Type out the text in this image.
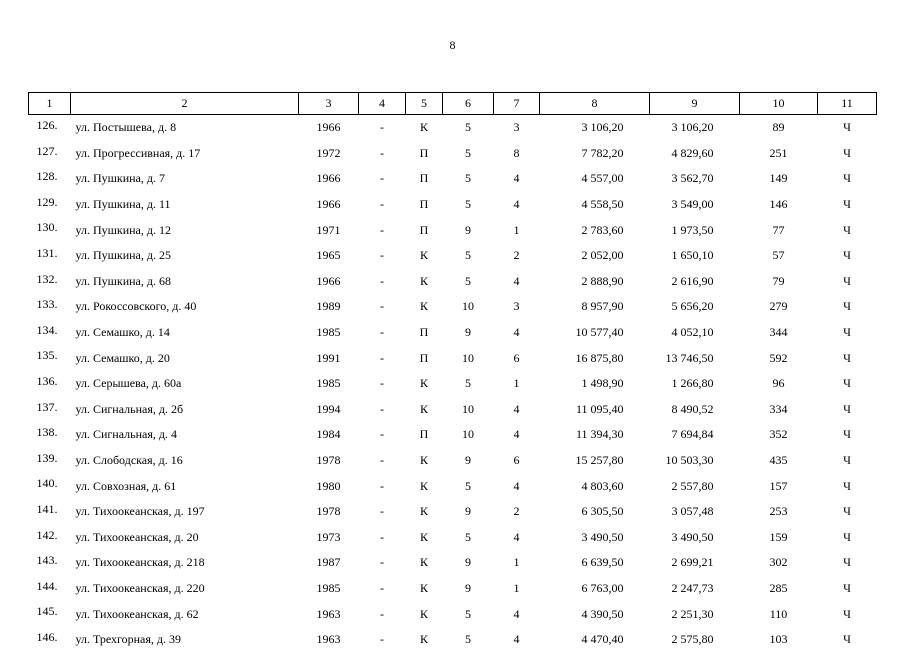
8
1	2	3	4	5	6	7	8	9	10	11
126.	ул. Постышева, д. 8	1966	-	К	5	3	3 106,20	3 106,20	89	Ч
127.	ул. Прогрессивная, д. 17	1972	-	П	5	8	7 782,20	4 829,60	251	Ч
128.	ул. Пушкина, д. 7	1966	-	П	5	4	4 557,00	3 562,70	149	Ч
129.	ул. Пушкина, д. 11	1966	-	П	5	4	4 558,50	3 549,00	146	Ч
130.	ул. Пушкина, д. 12	1971	-	П	9	1	2 783,60	1 973,50	77	Ч
131.	ул. Пушкина, д. 25	1965	-	К	5	2	2 052,00	1 650,10	57	Ч
132.	ул. Пушкина, д. 68	1966	-	К	5	4	2 888,90	2 616,90	79	Ч
133.	ул. Рокоссовского, д. 40	1989	-	К	10	3	8 957,90	5 656,20	279	Ч
134.	ул. Семашко, д. 14	1985	-	П	9	4	10 577,40	4 052,10	344	Ч
135.	ул. Семашко, д. 20	1991	-	П	10	6	16 875,80	13 746,50	592	Ч
136.	ул. Серышева, д. 60а	1985	-	К	5	1	1 498,90	1 266,80	96	Ч
137.	ул. Сигнальная, д. 2б	1994	-	К	10	4	11 095,40	8 490,52	334	Ч
138.	ул. Сигнальная, д. 4	1984	-	П	10	4	11 394,30	7 694,84	352	Ч
139.	ул. Слободская, д. 16	1978	-	К	9	6	15 257,80	10 503,30	435	Ч
140.	ул. Совхозная, д. 61	1980	-	К	5	4	4 803,60	2 557,80	157	Ч
141.	ул. Тихоокеанская, д. 197	1978	-	К	9	2	6 305,50	3 057,48	253	Ч
142.	ул. Тихоокеанская, д. 20	1973	-	К	5	4	3 490,50	3 490,50	159	Ч
143.	ул. Тихоокеанская, д. 218	1987	-	К	9	1	6 639,50	2 699,21	302	Ч
144.	ул. Тихоокеанская, д. 220	1985	-	К	9	1	6 763,00	2 247,73	285	Ч
145.	ул. Тихоокеанская, д. 62	1963	-	К	5	4	4 390,50	2 251,30	110	Ч
146.	ул. Трехгорная, д. 39	1963	-	К	5	4	4 470,40	2 575,80	103	Ч
